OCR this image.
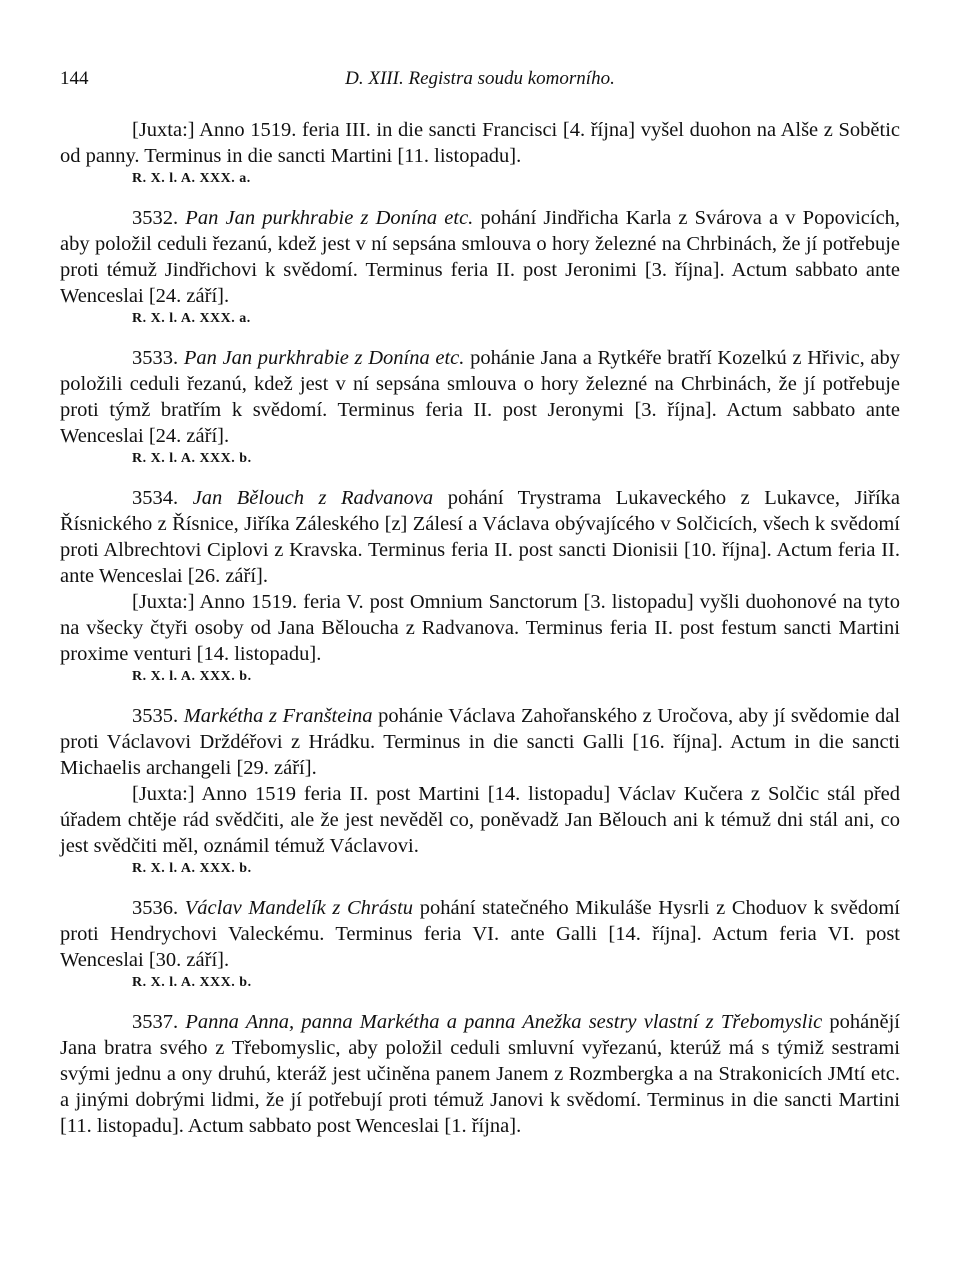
144	D. XIII. Registra soudu komorního.

[Juxta:] Anno 1519. feria III. in die sancti Francisci [4. října] vyšel duohon na Alše z Sobětic od panny. Terminus in die sancti Martini [11. listopadu].

R. X. l. A. XXX. a.

3532. Pan Jan purkhrabie z Donína etc. pohání Jindřicha Karla z Svárova a v Popovicích, aby položil ceduli řezanú, kdež jest v ní sepsána smlouva o hory železné na Chrbinách, že jí potřebuje proti témuž Jindřichovi k svědomí. Terminus feria II. post Jeronimi [3. října]. Actum sabbato ante Wenceslai [24. září].

R. X. l. A. XXX. a.

3533. Pan Jan purkhrabie z Donína etc. pohánie Jana a Rytkéře bratří Kozelkú z Hřivic, aby položili ceduli řezanú, kdež jest v ní sepsána smlouva o hory železné na Chrbinách, že jí potřebuje proti týmž bratřím k svědomí. Terminus feria II. post Jeronymi [3. října]. Actum sabbato ante Wenceslai [24. září].

R. X. l. A. XXX. b.

3534. Jan Bělouch z Radvanova pohání Trystrama Lukaveckého z Lukavce, Jiříka Řísnického z Řísnice, Jiříka Záleského [z] Zálesí a Václava obývajícého v Solčicích, všech k svědomí proti Albrechtovi Ciplovi z Kravska. Terminus feria II. post sancti Dionisii [10. října]. Actum feria II. ante Wenceslai [26. září].

[Juxta:] Anno 1519. feria V. post Omnium Sanctorum [3. listopadu] vyšli duohonové na tyto na všecky čtyři osoby od Jana Běloucha z Radvanova. Terminus feria II. post festum sancti Martini proxime venturi [14. listopadu].

R. X. l. A. XXX. b.

3535. Markétha z Franšteina pohánie Václava Zahořanského z Uročova, aby jí svědomie dal proti Václavovi Drždéřovi z Hrádku. Terminus in die sancti Galli [16. října]. Actum in die sancti Michaelis archangeli [29. září].

[Juxta:] Anno 1519 feria II. post Martini [14. listopadu] Václav Kučera z Solčic stál před úřadem chtěje rád svědčiti, ale že jest nevěděl co, poněvadž Jan Bělouch ani k témuž dni stál ani, co jest svědčiti měl, oznámil témuž Václavovi.

R. X. l. A. XXX. b.

3536. Václav Mandelík z Chrástu pohání statečného Mikuláše Hysrli z Choduov k svědomí proti Hendrychovi Valeckému. Terminus feria VI. ante Galli [14. října]. Actum feria VI. post Wenceslai [30. září].

R. X. l. A. XXX. b.

3537. Panna Anna, panna Markétha a panna Anežka sestry vlastní z Třebomyslic pohánějí Jana bratra svého z Třebomyslic, aby položil ceduli smluvní vyřezanú, kterúž má s týmiž sestrami svými jednu a ony druhú, kteráž jest učiněna panem Janem z Rozmbergka a na Strakonicích JMtí etc. a jinými dobrými lidmi, že jí potřebují proti témuž Janovi k svědomí. Terminus in die sancti Martini [11. listopadu]. Actum sabbato post Wenceslai [1. října].
